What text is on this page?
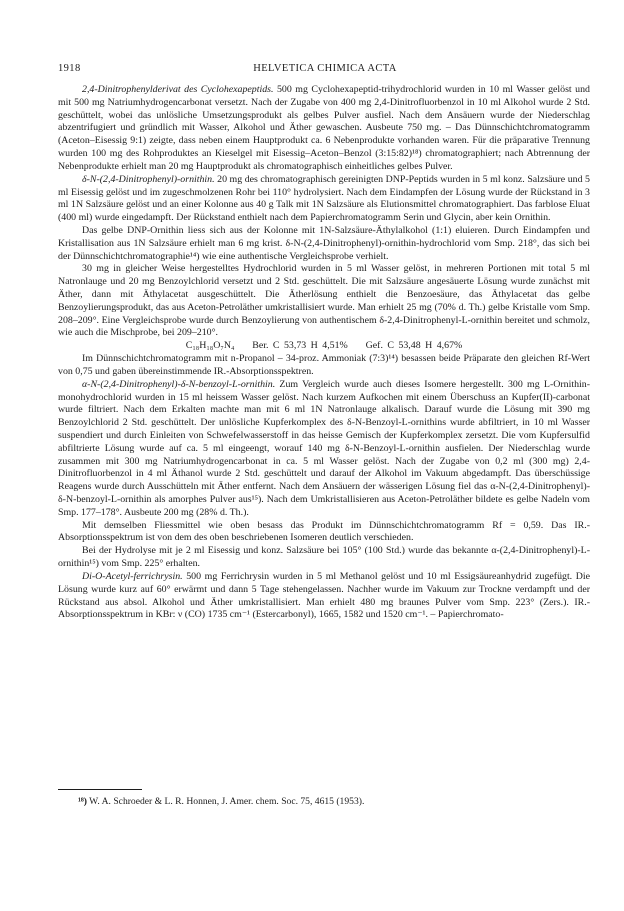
1918	HELVETICA CHIMICA ACTA

2,4-Dinitrophenylderivat des Cyclohexapeptids. 500 mg Cyclohexapeptid-trihydrochlorid wurden in 10 ml Wasser gelöst und mit 500 mg Natriumhydrogencarbonat versetzt. Nach der Zugabe von 400 mg 2,4-Dinitrofluorbenzol in 10 ml Alkohol wurde 2 Std. geschüttelt, wobei das unlösliche Umsetzungsprodukt als gelbes Pulver ausfiel. Nach dem Ansäuern wurde der Niederschlag abzentrifugiert und gründlich mit Wasser, Alkohol und Äther gewaschen. Ausbeute 750 mg. – Das Dünnschichtchromatogramm (Aceton–Eisessig 9:1) zeigte, dass neben einem Hauptprodukt ca. 6 Nebenprodukte vorhanden waren. Für die präparative Trennung wurden 100 mg des Rohproduktes an Kieselgel mit Eisessig–Aceton–Benzol (3:15:82)¹⁸) chromatographiert; nach Abtrennung der Nebenprodukte erhielt man 20 mg Hauptprodukt als chromatographisch einheitliches gelbes Pulver.

δ-N-(2,4-Dinitrophenyl)-ornithin. 20 mg des chromatographisch gereinigten DNP-Peptids wurden in 5 ml konz. Salzsäure und 5 ml Eisessig gelöst und im zugeschmolzenen Rohr bei 110° hydrolysiert. Nach dem Eindampfen der Lösung wurde der Rückstand in 3 ml 1N Salzsäure gelöst und an einer Kolonne aus 40 g Talk mit 1N Salzsäure als Elutionsmittel chromatographiert. Das farblose Eluat (400 ml) wurde eingedampft. Der Rückstand enthielt nach dem Papierchromatogramm Serin und Glycin, aber kein Ornithin.

Das gelbe DNP-Ornithin liess sich aus der Kolonne mit 1N-Salzsäure-Äthylalkohol (1:1) eluieren. Durch Eindampfen und Kristallisation aus 1N Salzsäure erhielt man 6 mg krist. δ-N-(2,4-Dinitrophenyl)-ornithin-hydrochlorid vom Smp. 218°, das sich bei der Dünnschichtchromatographie¹⁴) wie eine authentische Vergleichsprobe verhielt.

30 mg in gleicher Weise hergestelltes Hydrochlorid wurden in 5 ml Wasser gelöst, in mehreren Portionen mit total 5 ml Natronlauge und 20 mg Benzoylchlorid versetzt und 2 Std. geschüttelt. Die mit Salzsäure angesäuerte Lösung wurde zunächst mit Äther, dann mit Äthylacetat ausgeschüttelt. Die Ätherlösung enthielt die Benzoesäure, das Äthylacetat das gelbe Benzoylierungsprodukt, das aus Aceton-Petroläther umkristallisiert wurde. Man erhielt 25 mg (70% d. Th.) gelbe Kristalle vom Smp. 208–209°. Eine Vergleichsprobe wurde durch Benzoylierung von authentischem δ-2,4-Dinitrophenyl-L-ornithin bereitet und schmolz, wie auch die Mischprobe, bei 209–210°.

C₁₈H₁₈O₇N₄ Ber. C 53,73 H 4,51% Gef. C 53,48 H 4,67%

Im Dünnschichtchromatogramm mit n-Propanol – 34-proz. Ammoniak (7:3)¹⁴) besassen beide Präparate den gleichen Rf-Wert von 0,75 und gaben übereinstimmende IR.-Absorptionsspektren.

α-N-(2,4-Dinitrophenyl)-δ-N-benzoyl-L-ornithin. Zum Vergleich wurde auch dieses Isomere hergestellt. 300 mg L-Ornithin-monohydrochlorid wurden in 15 ml heissem Wasser gelöst. Nach kurzem Aufkochen mit einem Überschuss an Kupfer(II)-carbonat wurde filtriert. Nach dem Erkalten machte man mit 6 ml 1N Natronlauge alkalisch. Darauf wurde die Lösung mit 390 mg Benzoylchlorid 2 Std. geschüttelt. Der unlösliche Kupferkomplex des δ-N-Benzoyl-L-ornithins wurde abfiltriert, in 10 ml Wasser suspendiert und durch Einleiten von Schwefelwasserstoff in das heisse Gemisch der Kupferkomplex zersetzt. Die vom Kupfersulfid abfiltrierte Lösung wurde auf ca. 5 ml eingeengt, worauf 140 mg δ-N-Benzoyl-L-ornithin ausfielen. Der Niederschlag wurde zusammen mit 300 mg Natriumhydrogencarbonat in ca. 5 ml Wasser gelöst. Nach der Zugabe von 0,2 ml (300 mg) 2,4-Dinitrofluorbenzol in 4 ml Äthanol wurde 2 Std. geschüttelt und darauf der Alkohol im Vakuum abgedampft. Das überschüssige Reagens wurde durch Ausschütteln mit Äther entfernt. Nach dem Ansäuern der wässerigen Lösung fiel das α-N-(2,4-Dinitrophenyl)-δ-N-benzoyl-L-ornithin als amorphes Pulver aus¹⁵). Nach dem Umkristallisieren aus Aceton-Petroläther bildete es gelbe Nadeln vom Smp. 177–178°. Ausbeute 200 mg (28% d. Th.).

Mit demselben Fliessmittel wie oben besass das Produkt im Dünnschichtchromatogramm Rf = 0,59. Das IR.-Absorptionsspektrum ist von dem des oben beschriebenen Isomeren deutlich verschieden.

Bei der Hydrolyse mit je 2 ml Eisessig und konz. Salzsäure bei 105° (100 Std.) wurde das bekannte α-(2,4-Dinitrophenyl)-L-ornithin¹⁵) vom Smp. 225° erhalten.

Di-O-Acetyl-ferrichrysin. 500 mg Ferrichrysin wurden in 5 ml Methanol gelöst und 10 ml Essigsäureanhydrid zugefügt. Die Lösung wurde kurz auf 60° erwärmt und dann 5 Tage stehengelassen. Nachher wurde im Vakuum zur Trockne verdampft und der Rückstand aus absol. Alkohol und Äther umkristallisiert. Man erhielt 480 mg braunes Pulver vom Smp. 223° (Zers.). IR.-Absorptionsspektrum in KBr: ν (CO) 1735 cm⁻¹ (Estercarbonyl), 1665, 1582 und 1520 cm⁻¹. – Papierchromato-

¹⁸) W. A. Schroeder & L. R. Honnen, J. Amer. chem. Soc. 75, 4615 (1953).
